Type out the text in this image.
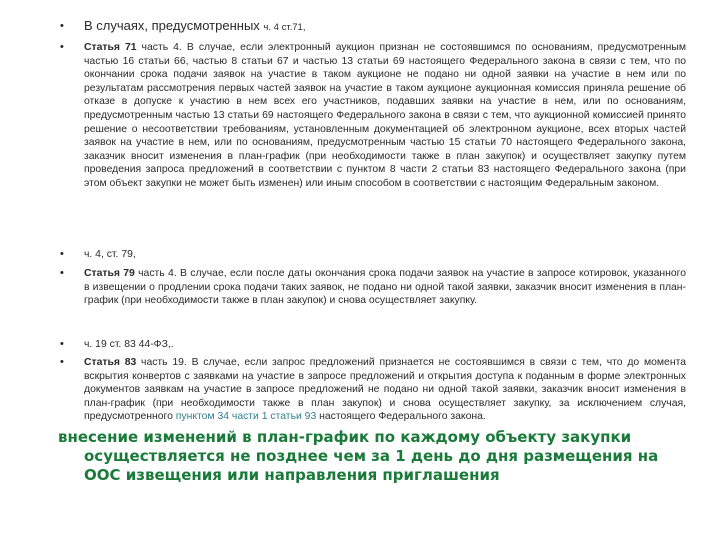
•
•
•
•
•
•
В случаях, предусмотренных ч. 4 ст.71,
Статья 71 часть 4. В случае, если электронный аукцион признан не состоявшимся по основаниям, предусмотренным частью 16 статьи 66, частью 8 статьи 67 и частью 13 статьи 69 настоящего Федерального закона в связи с тем, что по окончании срока подачи заявок на участие в таком аукционе не подано ни одной заявки на участие в нем или по результатам рассмотрения первых частей заявок на участие в таком аукционе аукционная комиссия приняла решение об отказе в допуске к участию в нем всех его участников, подавших заявки на участие в нем, или по основаниям, предусмотренным частью 13 статьи 69 настоящего Федерального закона в связи с тем, что аукционной комиссией принято решение о несоответствии требованиям, установленным документацией об электронном аукционе, всех вторых частей заявок на участие в нем, или по основаниям, предусмотренным частью 15 статьи 70 настоящего Федерального закона, заказчик вносит изменения в план-график (при необходимости также в план закупок) и осуществляет закупку путем проведения запроса предложений в соответствии с пунктом 8 части 2 статьи 83 настоящего Федерального закона (при этом объект закупки не может быть изменен) или иным способом в соответствии с настоящим Федеральным законом.
ч. 4, ст. 79,
Статья 79 часть 4. В случае, если после даты окончания срока подачи заявок на участие в запросе котировок, указанного в извещении о продлении срока подачи таких заявок, не подано ни одной такой заявки, заказчик вносит изменения в план-график (при необходимости также в план закупок) и снова осуществляет закупку.
ч. 19 ст. 83 44-ФЗ,.
Статья 83 часть 19. В случае, если запрос предложений признается не состоявшимся в связи с тем, что до момента вскрытия конвертов с заявками на участие в запросе предложений и открытия доступа к поданным в форме электронных документов заявкам на участие в запросе предложений не подано ни одной такой заявки, заказчик вносит изменения в план-график (при необходимости также в план закупок) и снова осуществляет закупку, за исключением случая, предусмотренного пунктом 34 части 1 статьи 93 настоящего Федерального закона.
внесение изменений в план-график по каждому объекту закупки
осуществляется не позднее чем за 1 день до дня размещения на ООС извещения или направления приглашения
